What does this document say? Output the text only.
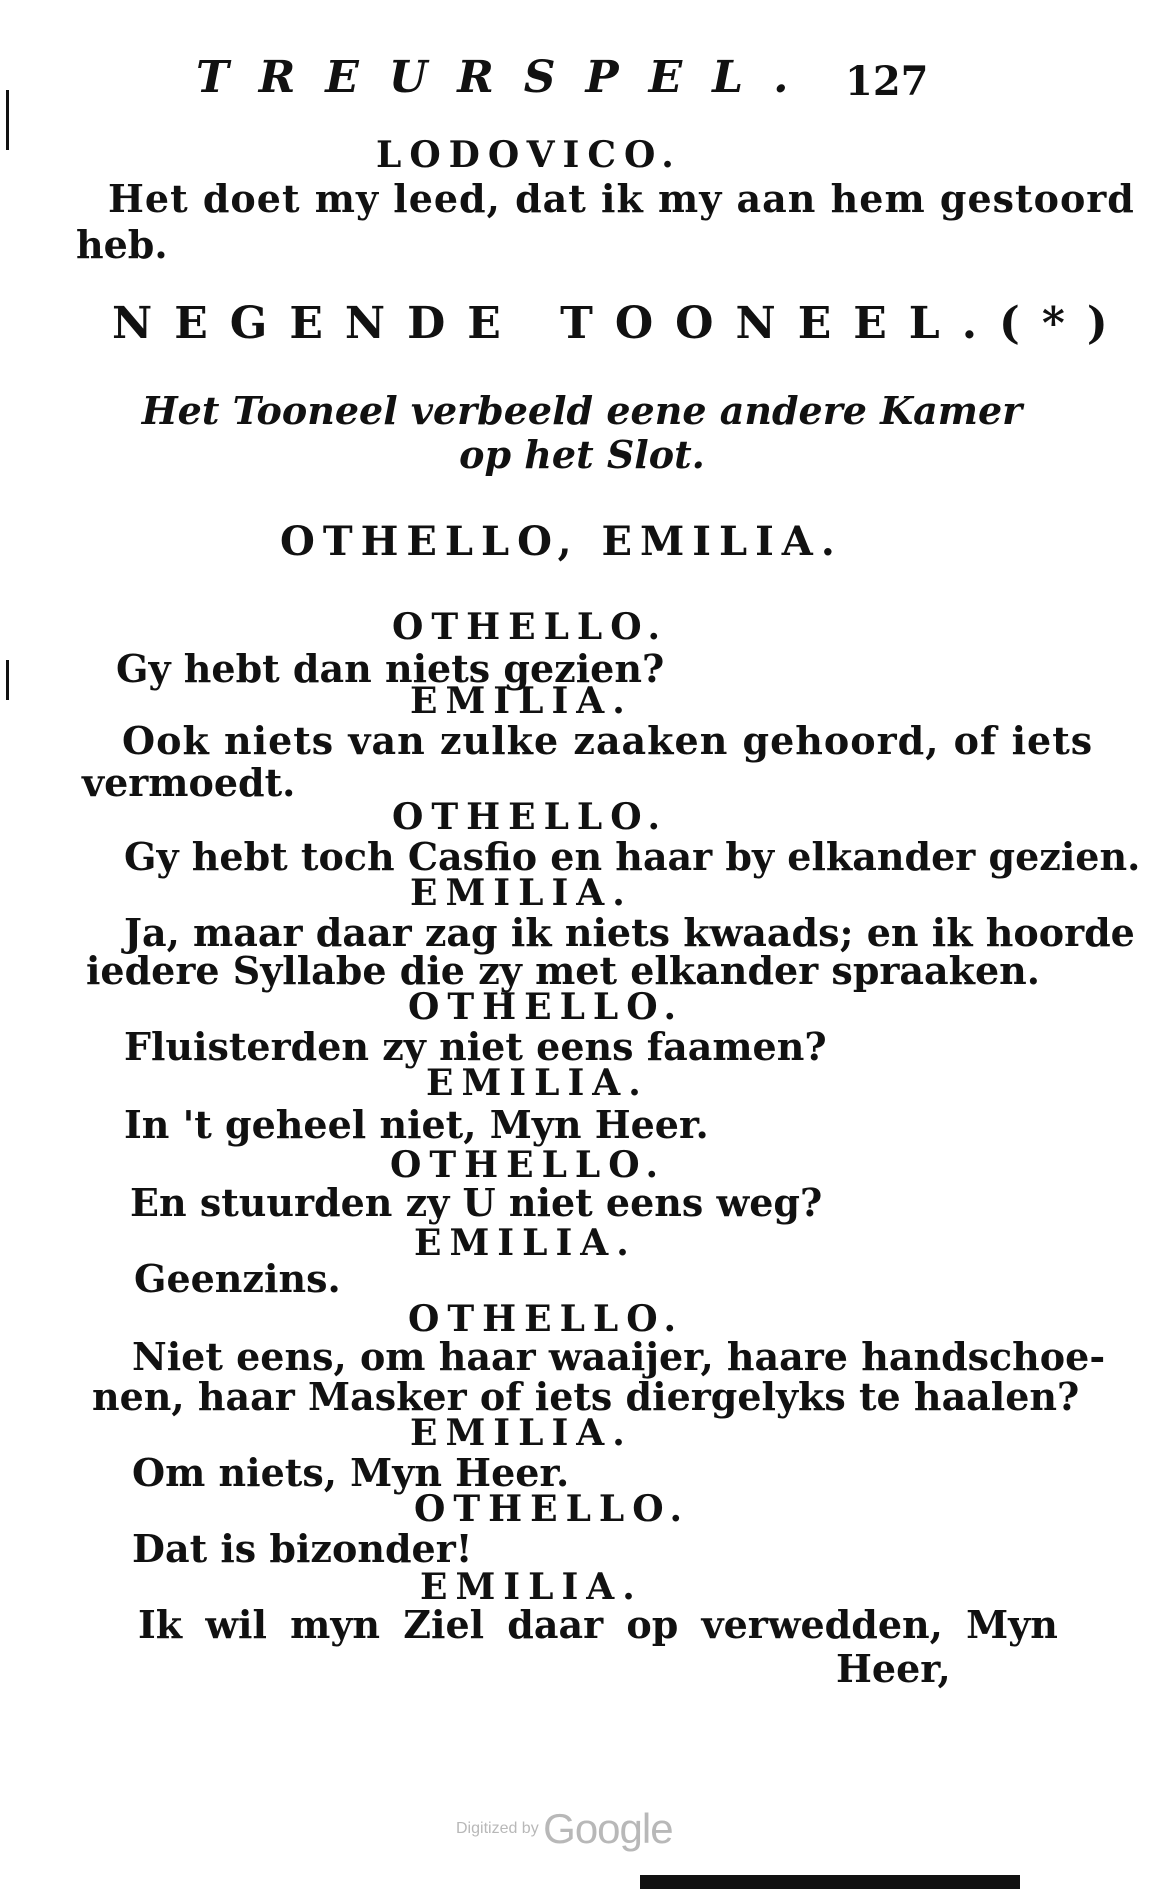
TREURSPEL. 127
LODOVICO.
Het doet my leed, dat ik my aan hem gestoord
heb.
NEGENDE TOONEEL.(*)
Het Tooneel verbeeld eene andere Kamer
op het Slot.
OTHELLO, EMILIA.
OTHELLO.
Gy hebt dan niets gezien?
EMILIA.
Ook niets van zulke zaaken gehoord, of iets
vermoedt.
OTHELLO.
Gy hebt toch Casfio en haar by elkander gezien.
EMILIA.
Ja, maar daar zag ik niets kwaads; en ik hoorde
iedere Syllabe die zy met elkander spraaken.
OTHELLO.
Fluisterden zy niet eens faamen?
EMILIA.
In 't geheel niet, Myn Heer.
OTHELLO.
En stuurden zy U niet eens weg?
EMILIA.
Geenzins.
OTHELLO.
Niet eens, om haar waaijer, haare handschoe-
nen, haar Masker of iets diergelyks te haalen?
EMILIA.
Om niets, Myn Heer.
OTHELLO.
Dat is bizonder!
EMILIA.
Ik wil myn Ziel daar op verwedden, Myn
Heer,
Digitized by Google
